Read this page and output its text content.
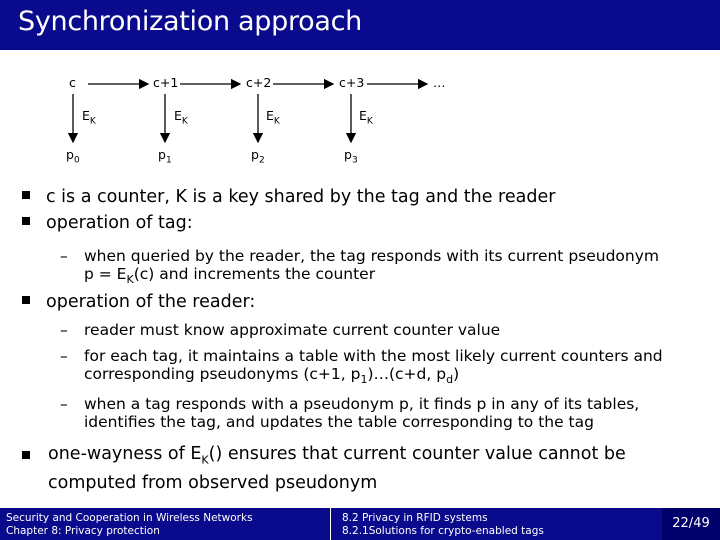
Synchronization approach
c	c+1	c+2	c+3	…
$E_K$	$E_K$	$E_K$	$E_K$
$p_0$	$p_1$	$p_2$	$p_3$
c is a counter, K is a key shared by the tag and the reader
operation of tag:
– when queried by the reader, the tag responds with its current pseudonym
$p = E_K(c)$ and increments the counter
operation of the reader:
– reader must know approximate current counter value
– for each tag, it maintains a table with the most likely current counters and
corresponding pseudonyms (c+1, $p_1)\dots(c+d$, $p_d$)
– when a tag responds with a pseudonym p, it finds p in any of its tables,
identifies the tag, and updates the table corresponding to the tag
one-wayness of $E_K()$ ensures that current counter value cannot be
computed from observed pseudonym
Security and Cooperation in Wireless Networks
Chapter 8: Privacy protection
8.2 Privacy in RFID systems
8.2.1Solutions for crypto-enabled tags	22/49
